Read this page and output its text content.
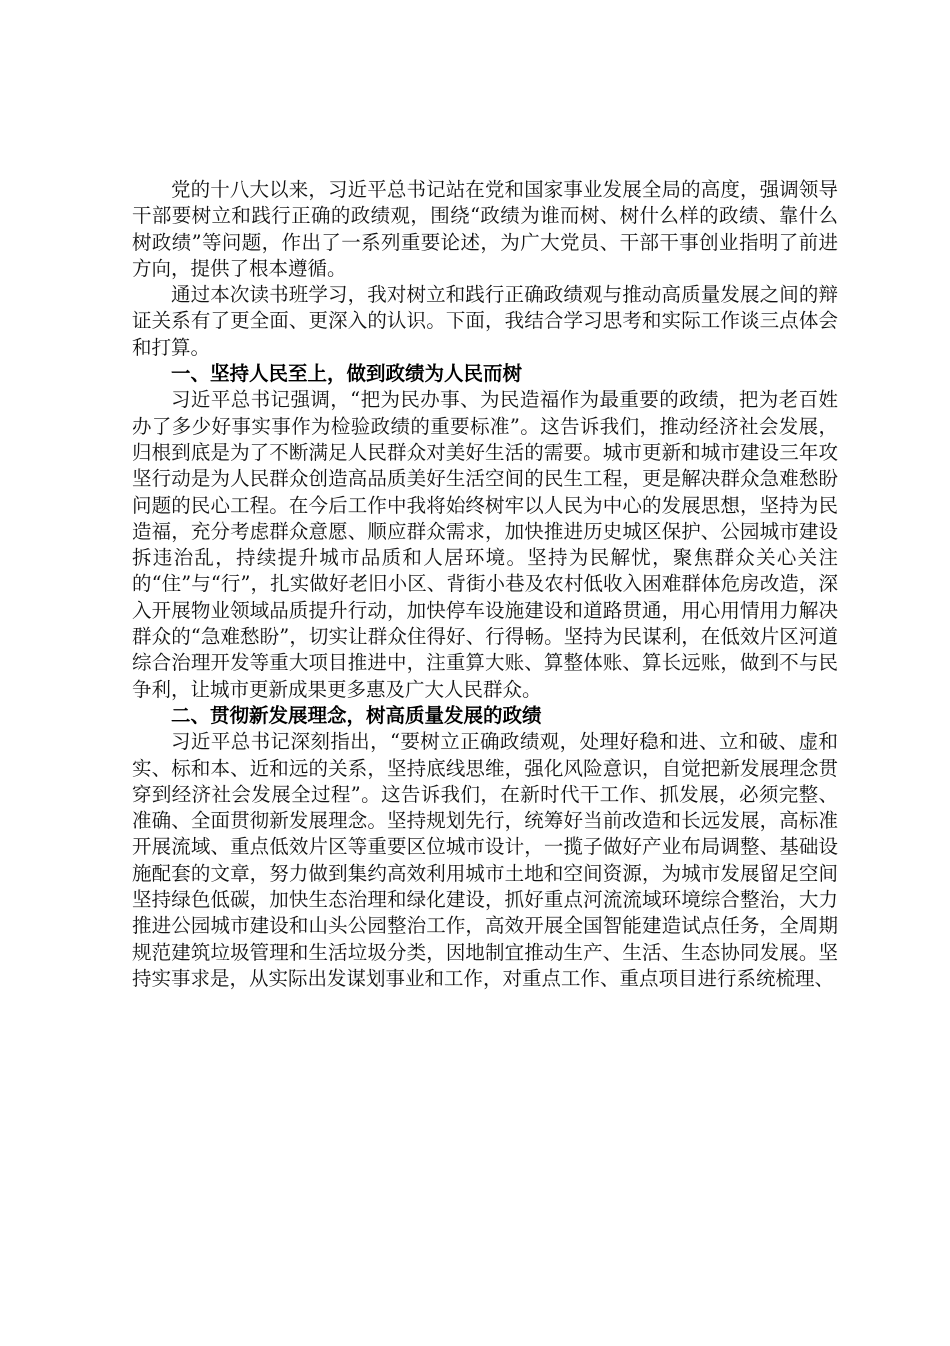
党的十八大以来，习近平总书记站在党和国家事业发展全局的高度，强调领导干部要树立和践行正确的政绩观，围绕“政绩为谁而树、树什么样的政绩、靠什么树政绩”等问题，作出了一系列重要论述，为广大党员、干部干事创业指明了前进方向，提供了根本遵循。

通过本次读书班学习，我对树立和践行正确政绩观与推动高质量发展之间的辩证关系有了更全面、更深入的认识。下面，我结合学习思考和实际工作谈三点体会和打算。

一、坚持人民至上，做到政绩为人民而树

习近平总书记强调，“把为民办事、为民造福作为最重要的政绩，把为老百姓办了多少好事实事作为检验政绩的重要标准”。这告诉我们，推动经济社会发展，归根到底是为了不断满足人民群众对美好生活的需要。城市更新和城市建设三年攻坚行动是为人民群众创造高品质美好生活空间的民生工程，更是解决群众急难愁盼问题的民心工程。在今后工作中我将始终树牢以人民为中心的发展思想，坚持为民造福，充分考虑群众意愿、顺应群众需求，加快推进历史城区保护、公园城市建设拆违治乱，持续提升城市品质和人居环境。坚持为民解忧，聚焦群众关心关注的“住”与“行”，扎实做好老旧小区、背街小巷及农村低收入困难群体危房改造，深入开展物业领域品质提升行动，加快停车设施建设和道路贯通，用心用情用力解决群众的“急难愁盼”，切实让群众住得好、行得畅。坚持为民谋利，在低效片区河道综合治理开发等重大项目推进中，注重算大账、算整体账、算长远账，做到不与民争利，让城市更新成果更多惠及广大人民群众。

二、贯彻新发展理念，树高质量发展的政绩

习近平总书记深刻指出，“要树立正确政绩观，处理好稳和进、立和破、虚和实、标和本、近和远的关系，坚持底线思维，强化风险意识，自觉把新发展理念贯穿到经济社会发展全过程”。这告诉我们，在新时代干工作、抓发展，必须完整、准确、全面贯彻新发展理念。坚持规划先行，统筹好当前改造和长远发展，高标准开展流域、重点低效片区等重要区位城市设计，一揽子做好产业布局调整、基础设施配套的文章，努力做到集约高效利用城市土地和空间资源，为城市发展留足空间坚持绿色低碳，加快生态治理和绿化建设，抓好重点河流流域环境综合整治，大力推进公园城市建设和山头公园整治工作，高效开展全国智能建造试点任务，全周期规范建筑垃圾管理和生活垃圾分类，因地制宜推动生产、生活、生态协同发展。坚持实事求是，从实际出发谋划事业和工作，对重点工作、重点项目进行系统梳理、
